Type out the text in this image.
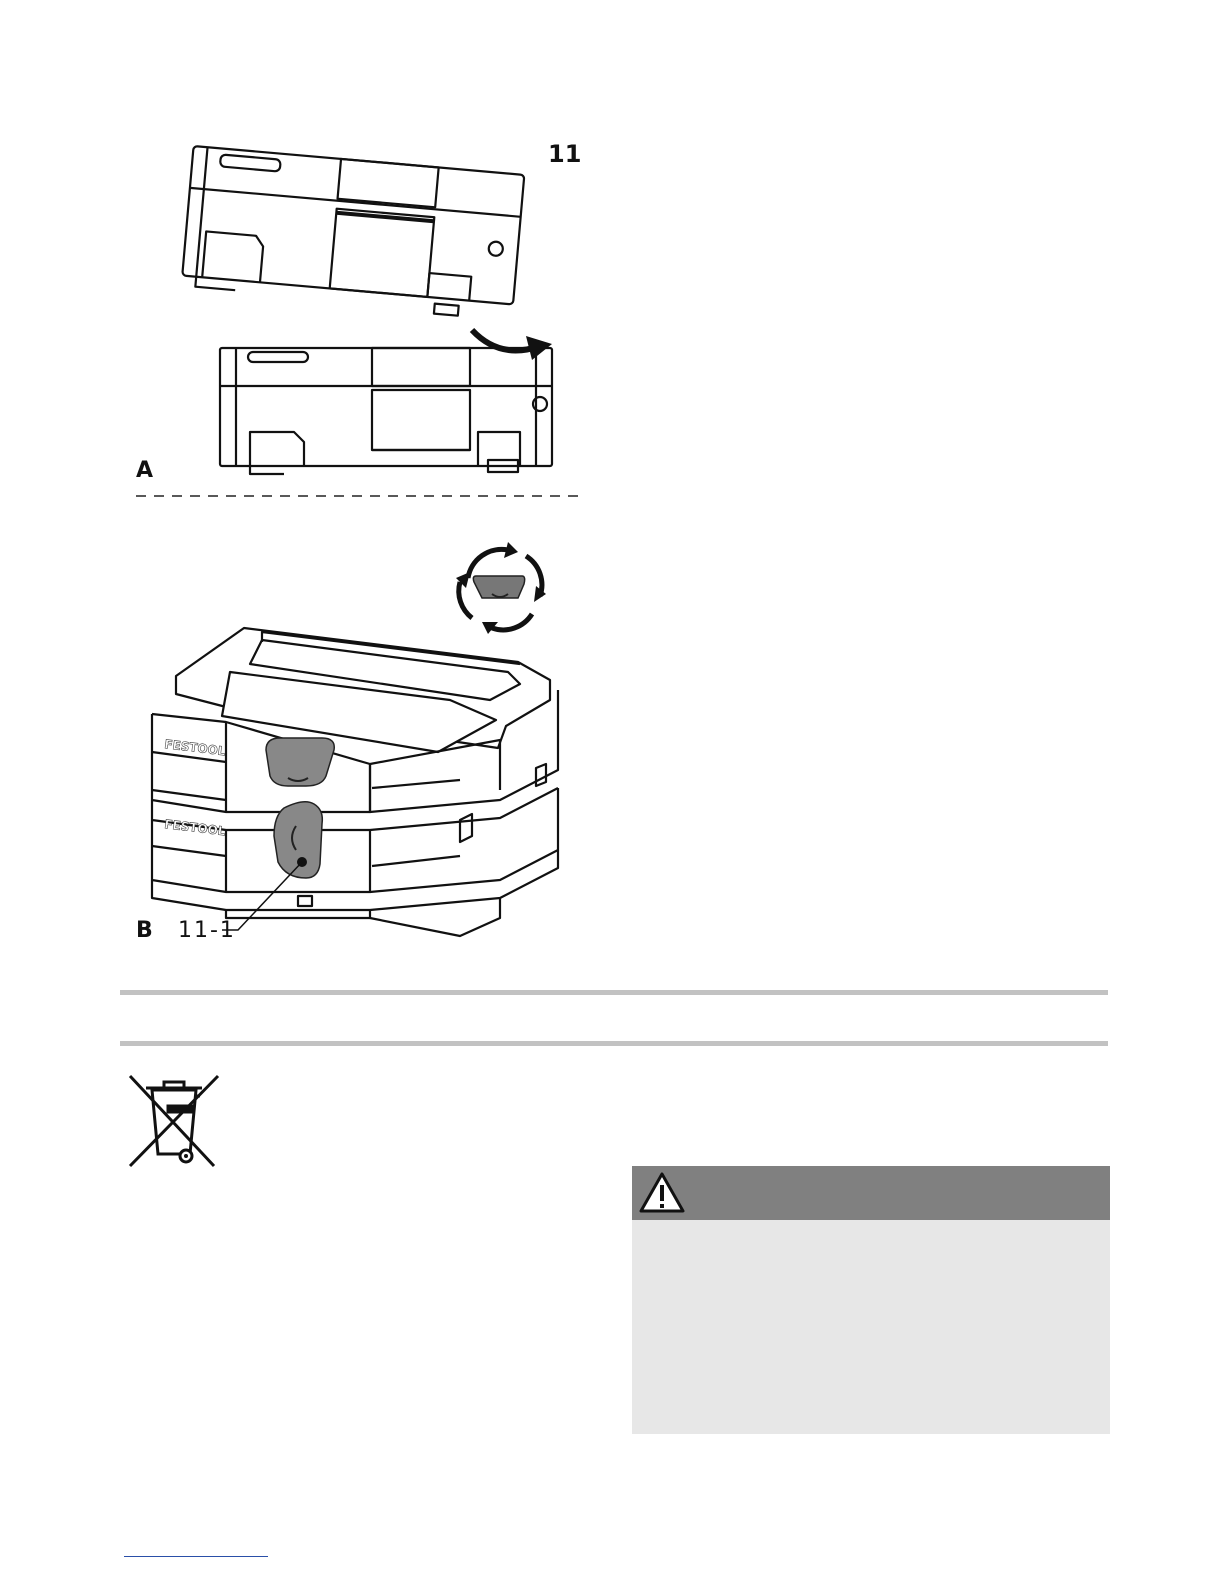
11
A
FESTOOL
FESTOOL
B 11-1
